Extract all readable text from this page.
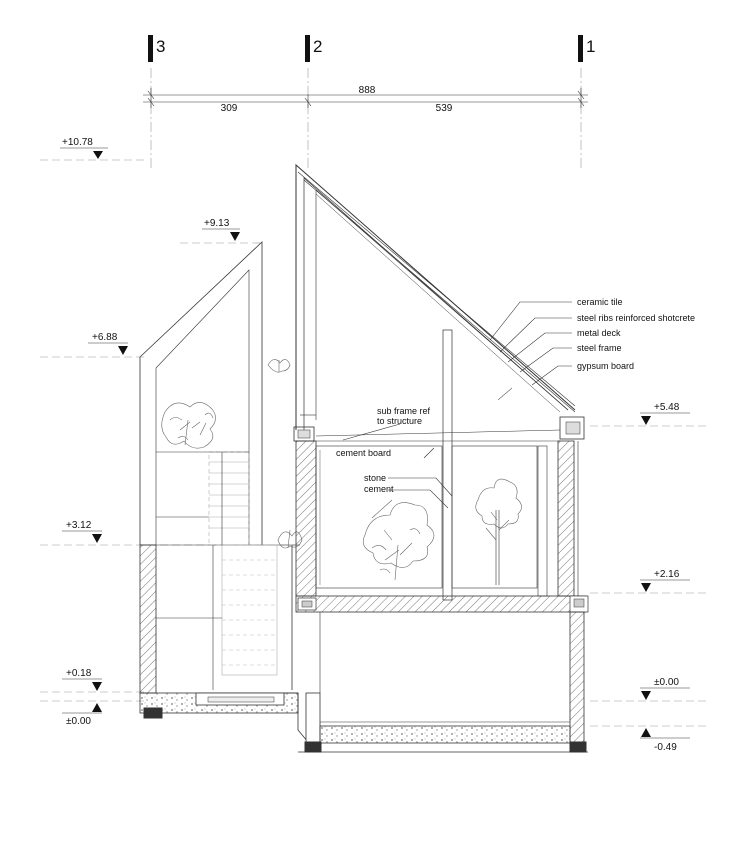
3	2	1
888
309	539
+10.78
+9.13
+6.88
+3.12
+0.18
±0.00
+5.48
+2.16
±0.00
-0.49
ceramic tile
steel ribs reinforced shotcrete
metal deck
steel frame
gypsum board
sub frame ref
to structure
cement board
stone
cement
